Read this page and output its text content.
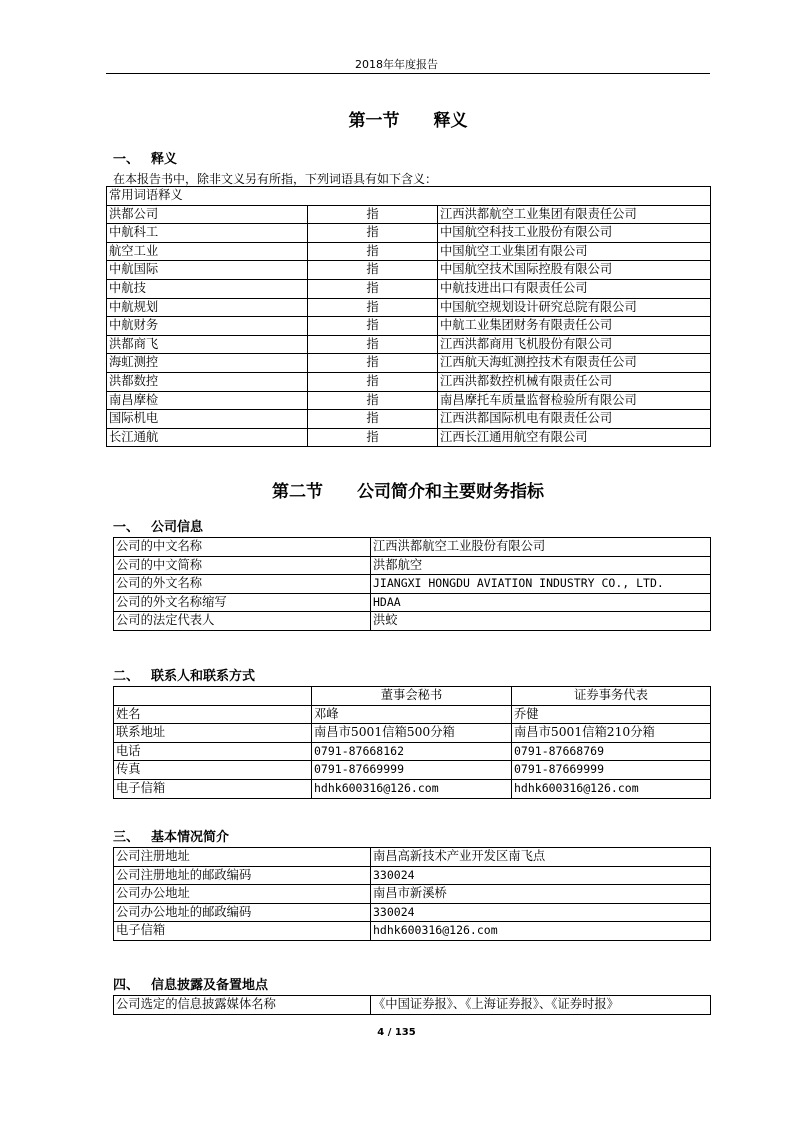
2018年年度报告
第一节　　释义
一、 释义
在本报告书中，除非文义另有所指，下列词语具有如下含义：
常用词语释义		
洪都公司	指	江西洪都航空工业集团有限责任公司
中航科工	指	中国航空科技工业股份有限公司
航空工业	指	中国航空工业集团有限公司
中航国际	指	中国航空技术国际控股有限公司
中航技	指	中航技进出口有限责任公司
中航规划	指	中国航空规划设计研究总院有限公司
中航财务	指	中航工业集团财务有限责任公司
洪都商飞	指	江西洪都商用飞机股份有限公司
海虹测控	指	江西航天海虹测控技术有限责任公司
洪都数控	指	江西洪都数控机械有限责任公司
南昌摩检	指	南昌摩托车质量监督检验所有限公司
国际机电	指	江西洪都国际机电有限责任公司
长江通航	指	江西长江通用航空有限公司
第二节　　公司简介和主要财务指标
一、 公司信息
公司的中文名称	江西洪都航空工业股份有限公司
公司的中文简称	洪都航空
公司的外文名称	JIANGXI HONGDU AVIATION INDUSTRY CO., LTD.
公司的外文名称缩写	HDAA
公司的法定代表人	洪蛟
二、 联系人和联系方式
	董事会秘书	证券事务代表
姓名	邓峰	乔健
联系地址	南昌市5001信箱500分箱	南昌市5001信箱210分箱
电话	0791-87668162	0791-87668769
传真	0791-87669999	0791-87669999
电子信箱	hdhk600316@126.com	hdhk600316@126.com
三、 基本情况简介
公司注册地址	南昌高新技术产业开发区南飞点
公司注册地址的邮政编码	330024
公司办公地址	南昌市新溪桥
公司办公地址的邮政编码	330024
电子信箱	hdhk600316@126.com
四、 信息披露及备置地点
公司选定的信息披露媒体名称	《中国证券报》、《上海证券报》、《证券时报》
4 / 135
